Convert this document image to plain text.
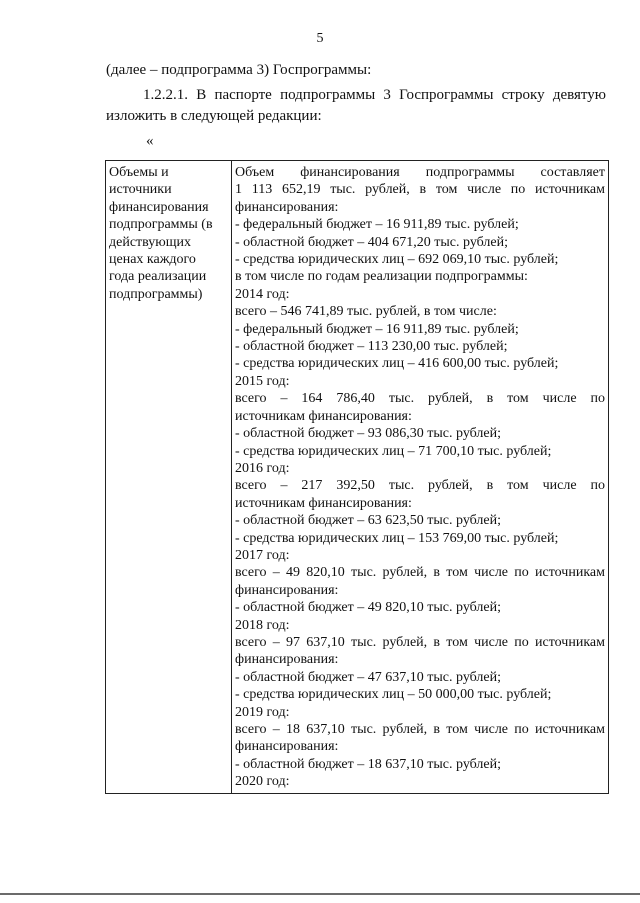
5

(далее – подпрограмма 3) Госпрограммы:

1.2.2.1. В паспорте подпрограммы 3 Госпрограммы строку девятую изложить в следующей редакции:

«
Объемы и
источники
финансирования
подпрограммы (в
действующих
ценах каждого
года реализации
подпрограммы)

Объем финансирования подпрограммы составляет
1 113 652,19 тыс. рублей, в том числе по источникам
финансирования:
- федеральный бюджет – 16 911,89 тыс. рублей;
- областной бюджет – 404 671,20 тыс. рублей;
- средства юридических лиц – 692 069,10 тыс. рублей;
в том числе по годам реализации подпрограммы:
2014 год:
всего – 546 741,89 тыс. рублей, в том числе:
- федеральный бюджет – 16 911,89 тыс. рублей;
- областной бюджет – 113 230,00 тыс. рублей;
- средства юридических лиц – 416 600,00 тыс. рублей;
2015 год:
всего – 164 786,40 тыс. рублей, в том числе по
источникам финансирования:
- областной бюджет – 93 086,30 тыс. рублей;
- средства юридических лиц – 71 700,10 тыс. рублей;
2016 год:
всего – 217 392,50 тыс. рублей, в том числе по
источникам финансирования:
- областной бюджет – 63 623,50 тыс. рублей;
- средства юридических лиц – 153 769,00 тыс. рублей;
2017 год:
всего – 49 820,10 тыс. рублей, в том числе по источникам
финансирования:
- областной бюджет – 49 820,10 тыс. рублей;
2018 год:
всего – 97 637,10 тыс. рублей, в том числе по источникам
финансирования:
- областной бюджет – 47 637,10 тыс. рублей;
- средства юридических лиц – 50 000,00 тыс. рублей;
2019 год:
всего – 18 637,10 тыс. рублей, в том числе по источникам
финансирования:
- областной бюджет – 18 637,10 тыс. рублей;
2020 год:
